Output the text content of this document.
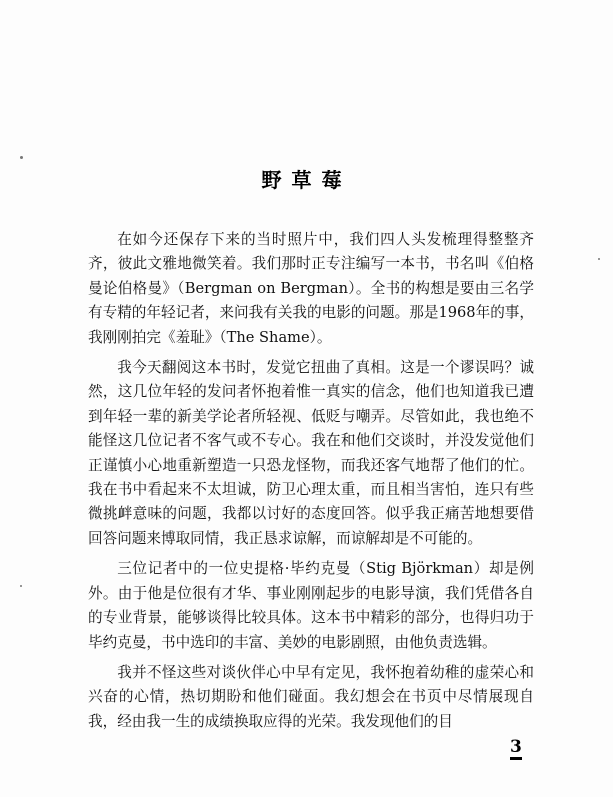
野草莓

在如今还保存下来的当时照片中，我们四人头发梳理得整整齐齐，彼此文雅地微笑着。我们那时正专注编写一本书，书名叫《伯格曼论伯格曼》（Bergman on Bergman）。全书的构想是要由三名学有专精的年轻记者，来问我有关我的电影的问题。那是1968年的事，我刚刚拍完《羞耻》（The Shame）。

我今天翻阅这本书时，发觉它扭曲了真相。这是一个谬误吗？诚然，这几位年轻的发问者怀抱着惟一真实的信念，他们也知道我已遭到年轻一辈的新美学论者所轻视、低贬与嘲弄。尽管如此，我也绝不能怪这几位记者不客气或不专心。我在和他们交谈时，并没发觉他们正谨慎小心地重新塑造一只恐龙怪物，而我还客气地帮了他们的忙。我在书中看起来不太坦诚，防卫心理太重，而且相当害怕，连只有些微挑衅意味的问题，我都以讨好的态度回答。似乎我正痛苦地想要借回答问题来博取同情，我正恳求谅解，而谅解却是不可能的。

三位记者中的一位史提格·毕约克曼（Stig Björkman）却是例外。由于他是位很有才华、事业刚刚起步的电影导演，我们凭借各自的专业背景，能够谈得比较具体。这本书中精彩的部分，也得归功于毕约克曼，书中选印的丰富、美妙的电影剧照，由他负责选辑。

我并不怪这些对谈伙伴心中早有定见，我怀抱着幼稚的虚荣心和兴奋的心情，热切期盼和他们碰面。我幻想会在书页中尽情展现自我，经由我一生的成绩换取应得的光荣。我发现他们的目

3
